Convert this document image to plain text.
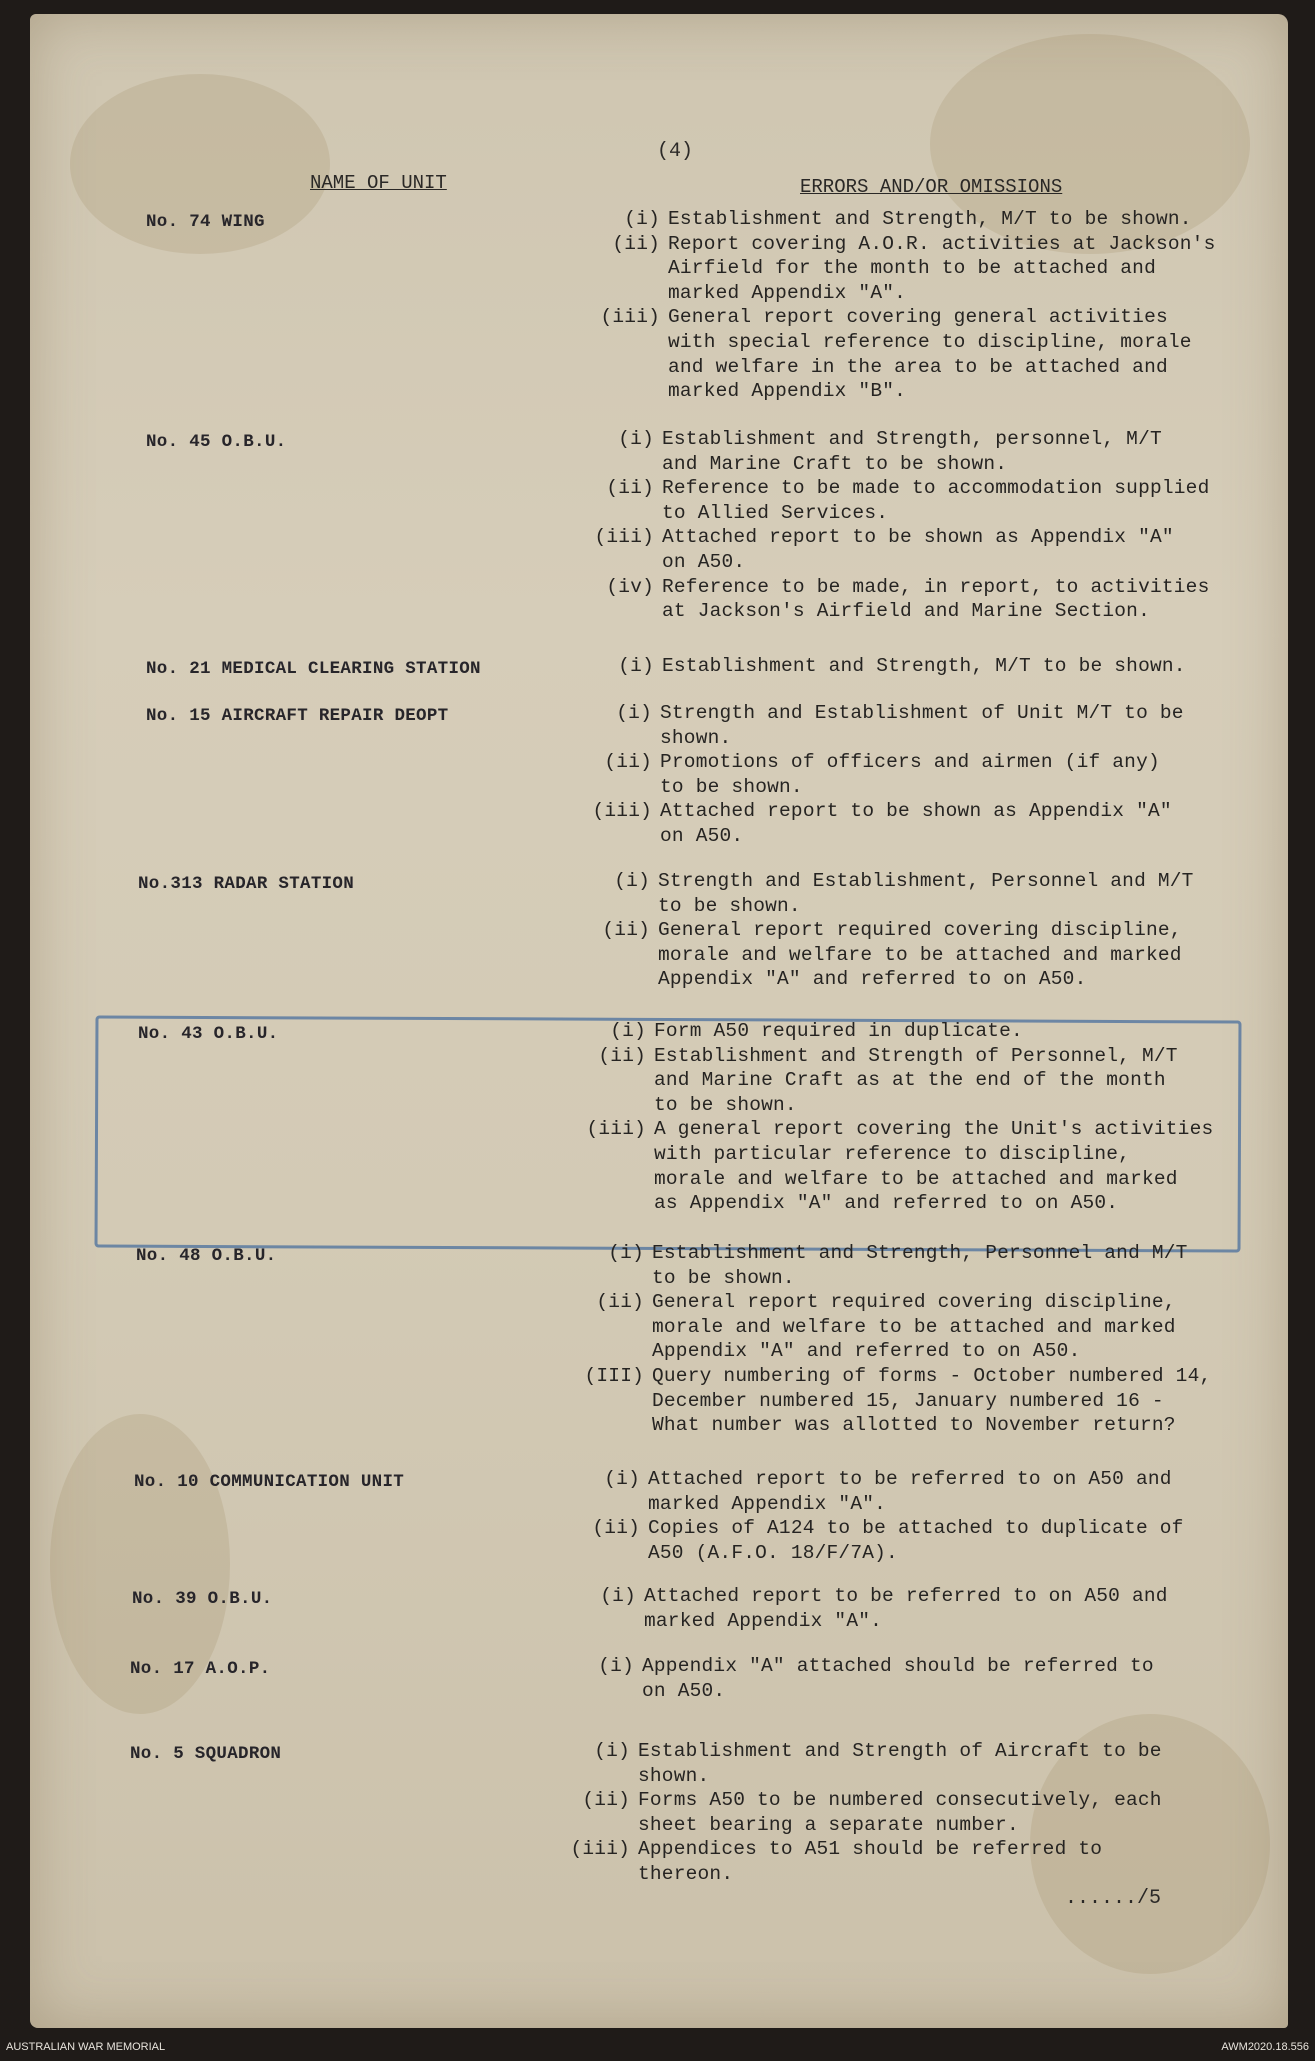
(4)
NAME OF UNIT	ERRORS AND/OR OMISSIONS
No. 74 WING	(i) Establishment and Strength, M/T to be shown.
(ii) Report covering A.O.R. activities at Jackson's
Airfield for the month to be attached and
marked Appendix "A".
(iii) General report covering general activities
with special reference to discipline, morale
and welfare in the area to be attached and
marked Appendix "B".
No. 45 O.B.U.	(i) Establishment and Strength, personnel, M/T
and Marine Craft to be shown.
(ii) Reference to be made to accommodation supplied
to Allied Services.
(iii) Attached report to be shown as Appendix "A"
on A50.
(iv) Reference to be made, in report, to activities
at Jackson's Airfield and Marine Section.
No. 21 MEDICAL CLEARING STATION	(i) Establishment and Strength, M/T to be shown.
No. 15 AIRCRAFT REPAIR DEOPT	(i) Strength and Establishment of Unit M/T to be
shown.
(ii) Promotions of officers and airmen (if any)
to be shown.
(iii) Attached report to be shown as Appendix "A"
on A50.
No.313 RADAR STATION	(i) Strength and Establishment, Personnel and M/T
to be shown.
(ii) General report required covering discipline,
morale and welfare to be attached and marked
Appendix "A" and referred to on A50.
No. 43 O.B.U.	(i) Form A50 required in duplicate.
(ii) Establishment and Strength of Personnel, M/T
and Marine Craft as at the end of the month
to be shown.
(iii) A general report covering the Unit's activities
with particular reference to discipline,
morale and welfare to be attached and marked
as Appendix "A" and referred to on A50.
No. 48 O.B.U.	(i) Establishment and Strength, Personnel and M/T
to be shown.
(ii) General report required covering discipline,
morale and welfare to be attached and marked
Appendix "A" and referred to on A50.
(III) Query numbering of forms - October numbered 14,
December numbered 15, January numbered 16 -
What number was allotted to November return?
No. 10 COMMUNICATION UNIT	(i) Attached report to be referred to on A50 and
marked Appendix "A".
(ii) Copies of A124 to be attached to duplicate of
A50 (A.F.O. 18/F/7A).
No. 39 O.B.U.	(i) Attached report to be referred to on A50 and
marked Appendix "A".
No. 17 A.O.P.	(i) Appendix "A" attached should be referred to
on A50.
No. 5 SQUADRON	(i) Establishment and Strength of Aircraft to be
shown.
(ii) Forms A50 to be numbered consecutively, each
sheet bearing a separate number.
(iii) Appendices to A51 should be referred to
thereon.
....../5
AUSTRALIAN WAR MEMORIAL	AWM2020.18.556
